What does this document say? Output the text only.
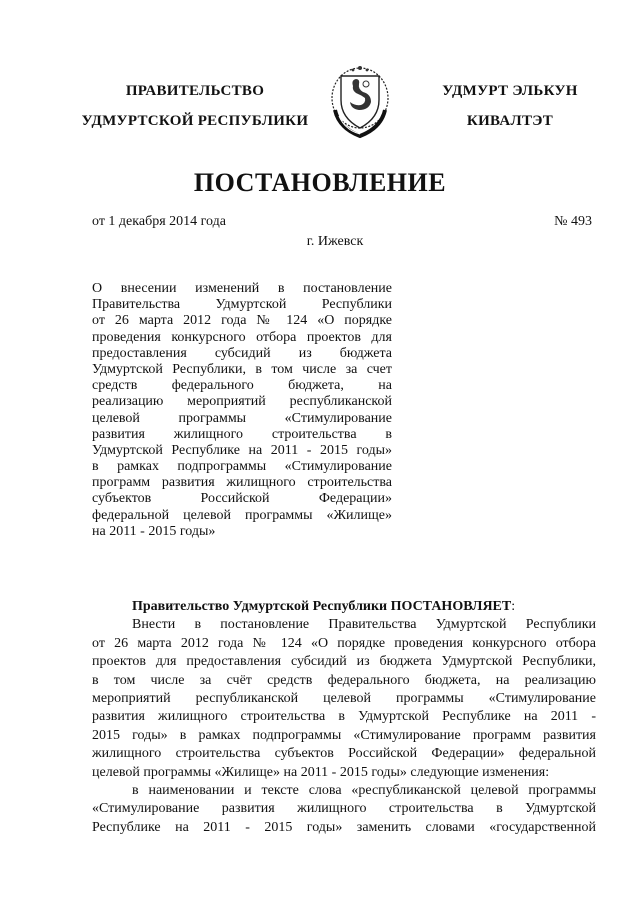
ПРАВИТЕЛЬСТВО
УДМУРТСКОЙ РЕСПУБЛИКИ
УДМУРТ ЭЛЬКУН
КИВАЛТЭТ
ПОСТАНОВЛЕНИЕ
от 1 декабря 2014 года	№ 493
г. Ижевск
О внесении изменений в постановление
Правительства Удмуртской Республики
от 26 марта 2012 года № 124 «О порядке
проведения конкурсного отбора проектов для
предоставления субсидий из бюджета
Удмуртской Республики, в том числе за счет
средств федерального бюджета, на
реализацию мероприятий республиканской
целевой программы «Стимулирование
развития жилищного строительства в
Удмуртской Республике на 2011 - 2015 годы»
в рамках подпрограммы «Стимулирование
программ развития жилищного строительства
субъектов Российской Федерации»
федеральной целевой программы «Жилище»
на 2011 - 2015 годы»
Правительство Удмуртской Республики ПОСТАНОВЛЯЕТ:
Внести в постановление Правительства Удмуртской Республики
от 26 марта 2012 года № 124 «О порядке проведения конкурсного отбора
проектов для предоставления субсидий из бюджета Удмуртской Республики,
в том числе за счёт средств федерального бюджета, на реализацию
мероприятий республиканской целевой программы «Стимулирование
развития жилищного строительства в Удмуртской Республике на 2011 -
2015 годы» в рамках подпрограммы «Стимулирование программ развития
жилищного строительства субъектов Российской Федерации» федеральной
целевой программы «Жилище» на 2011 - 2015 годы» следующие изменения:
в наименовании и тексте слова «республиканской целевой программы
«Стимулирование развития жилищного строительства в Удмуртской
Республике на 2011 - 2015 годы» заменить словами «государственной
